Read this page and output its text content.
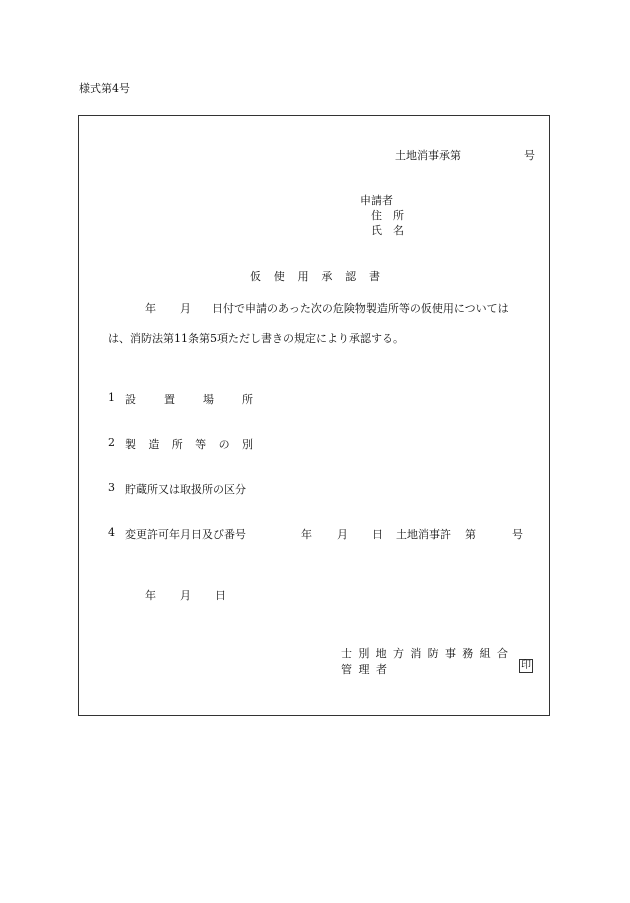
様式第4号
土地消事承第	号
申請者
住　所
氏　名
仮 使 用 承 認 書
年 月 日付で申請のあった次の危険物製造所等の仮使用については
は、消防法第11条第5項ただし書きの規定により承認する。
1 設	置	場	所
2 製 造 所 等 の 別
3 貯蔵所又は取扱所の区分
4 変更許可年月日及び番号	年 月 日 土地消事許 第	号
年 月 日
士 別 地 方 消 防 事 務 組 合
管 理 者	印
